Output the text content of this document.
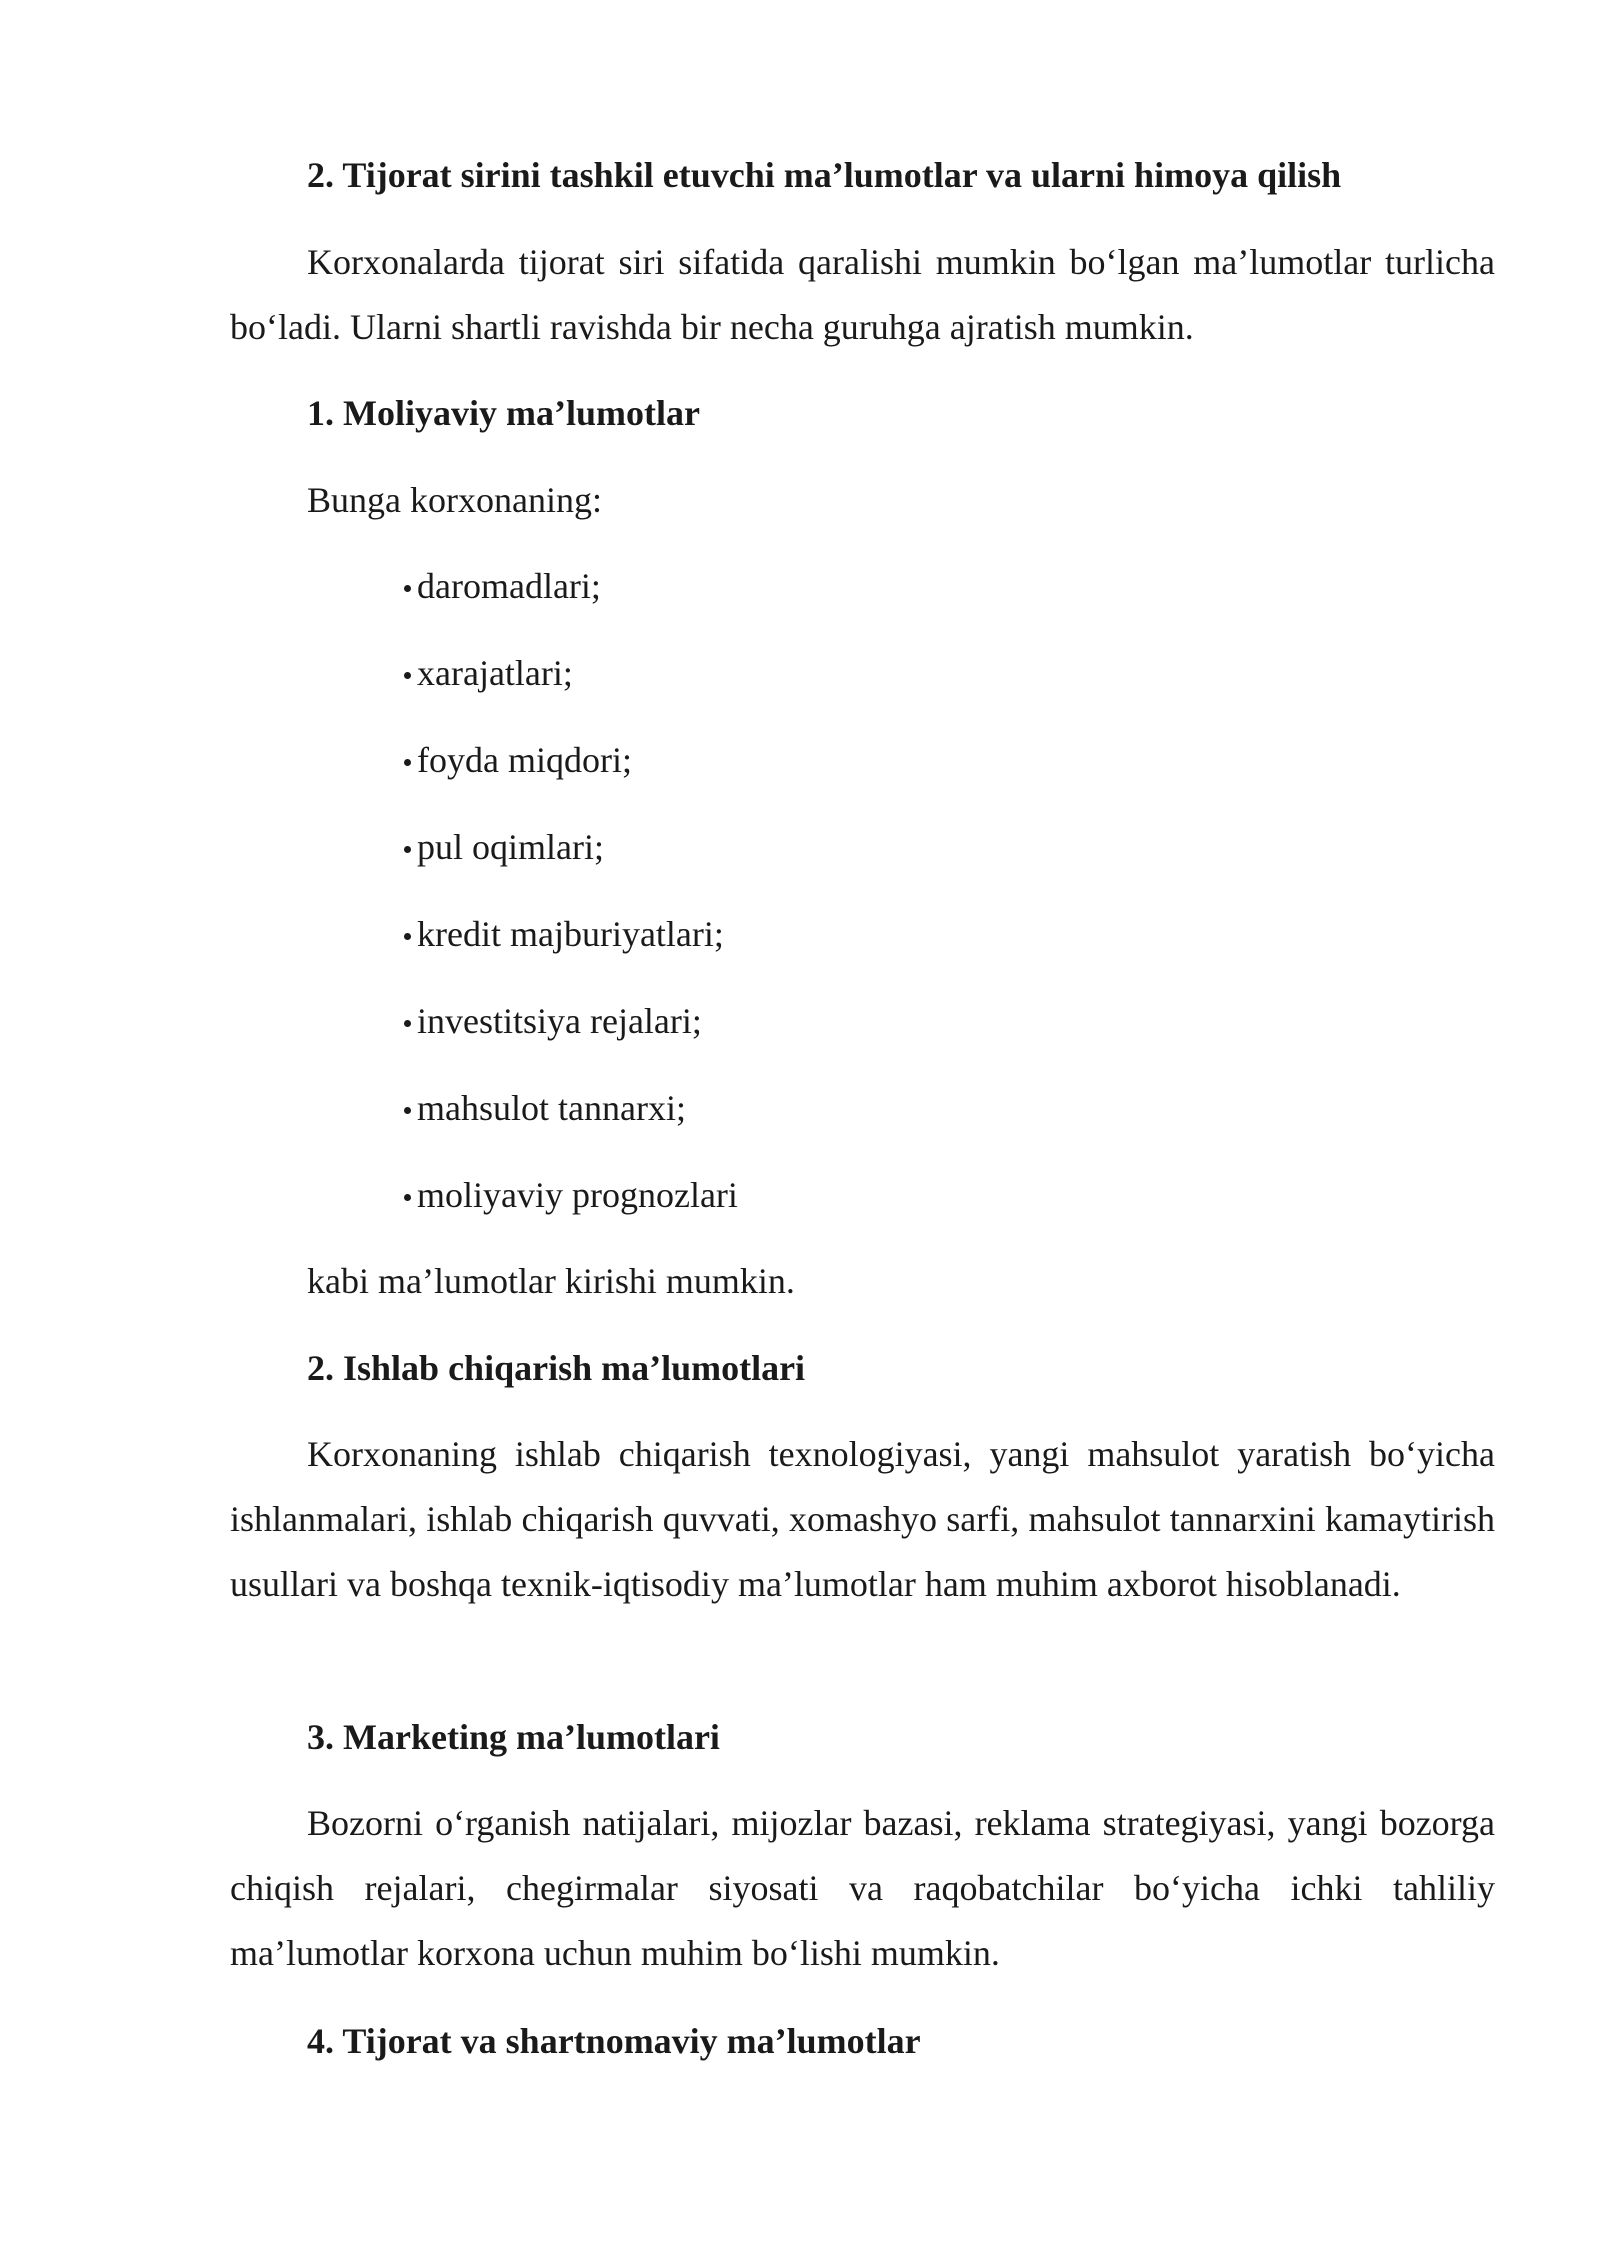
2. Tijorat sirini tashkil etuvchi ma’lumotlar va ularni himoya qilish
Korxonalarda tijorat siri sifatida qaralishi mumkin bo‘lgan ma’lumotlar turlicha bo‘ladi. Ularni shartli ravishda bir necha guruhga ajratish mumkin.
1. Moliyaviy ma’lumotlar
Bunga korxonaning:
daromadlari;
xarajatlari;
foyda miqdori;
pul oqimlari;
kredit majburiyatlari;
investitsiya rejalari;
mahsulot tannarxi;
moliyaviy prognozlari
kabi ma’lumotlar kirishi mumkin.
2. Ishlab chiqarish ma’lumotlari
Korxonaning ishlab chiqarish texnologiyasi, yangi mahsulot yaratish bo‘yicha ishlanmalari, ishlab chiqarish quvvati, xomashyo sarfi, mahsulot tannarxini kamaytirish usullari va boshqa texnik-iqtisodiy ma’lumotlar ham muhim axborot hisoblanadi.
3. Marketing ma’lumotlari
Bozorni o‘rganish natijalari, mijozlar bazasi, reklama strategiyasi, yangi bozorga chiqish rejalari, chegirmalar siyosati va raqobatchilar bo‘yicha ichki tahliliy ma’lumotlar korxona uchun muhim bo‘lishi mumkin.
4. Tijorat va shartnomaviy ma’lumotlar
